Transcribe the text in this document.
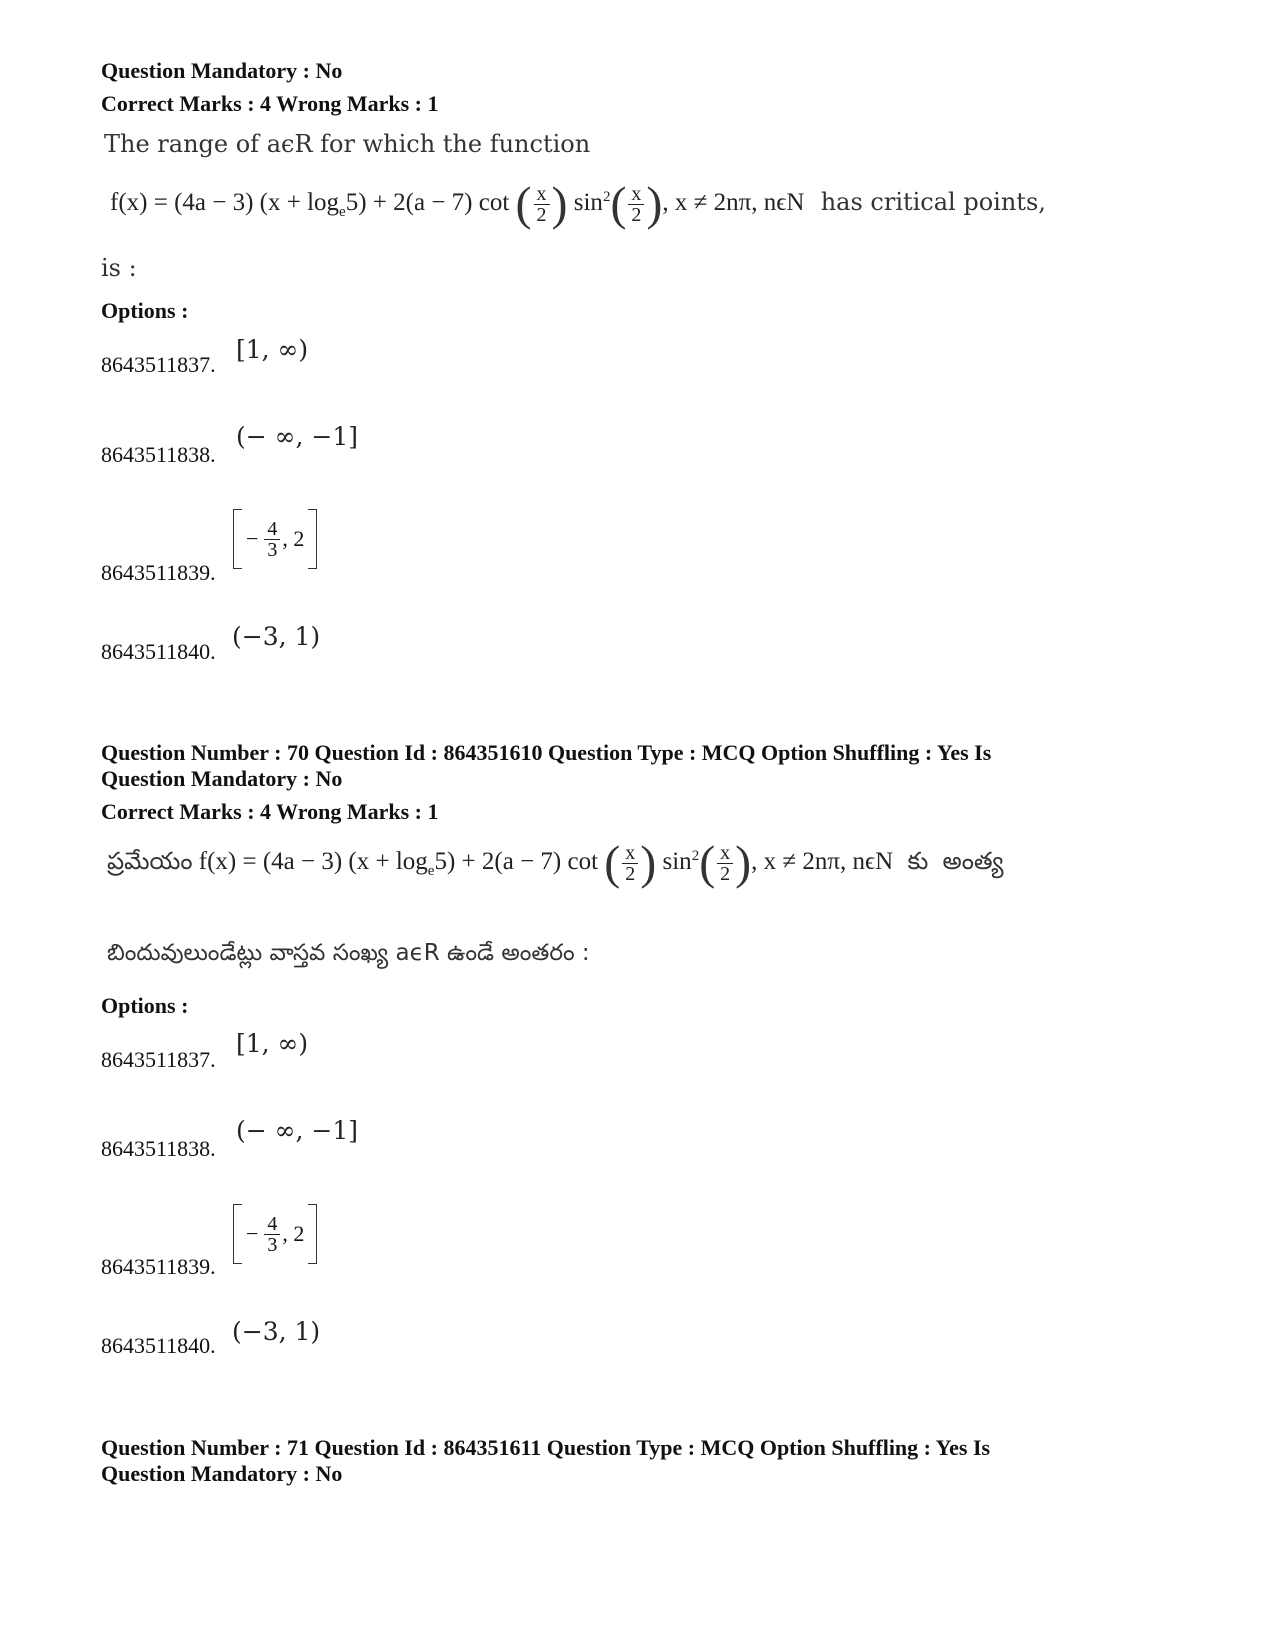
Question Mandatory : No
Correct Marks : 4 Wrong Marks : 1
The range of aϵR for which the function
f(x) = (4a − 3) $(x + \log_e5) + 2(a - 7)$ cot ( $\frac{x}{2}$ ) $\sin^2( \frac{x}{2}$ ), x ≠ 2nπ, nϵN has critical points,
is :
Options :
8643511837.
[1, ∞)
8643511838.
(− ∞, −1]
8643511839.
− $\frac{4}{3}$ , 2
8643511840.
(−3, 1)
Question Number : 70 Question Id : 864351610 Question Type : MCQ Option Shuffling : Yes Is
Question Mandatory : No
Correct Marks : 4 Wrong Marks : 1
ప్రమేయం f(x) = (4a − 3) $(x + \log_e5) + 2(a - 7)$ cot ( $\frac{x}{2}$ ) $\sin^2( \frac{x}{2}$ ), x ≠ 2nπ, nϵN కు అంత్య
బిందువులుండేట్లు వాస్తవ సంఖ్య aϵR ఉండే అంతరం :
Options :
8643511837.
[1, ∞)
8643511838.
(− ∞, −1]
8643511839.
− $\frac{4}{3}$ , 2
8643511840. (−3, 1)
Question Number : 71 Question Id : 864351611 Question Type : MCQ Option Shuffling : Yes Is
Question Mandatory : No
